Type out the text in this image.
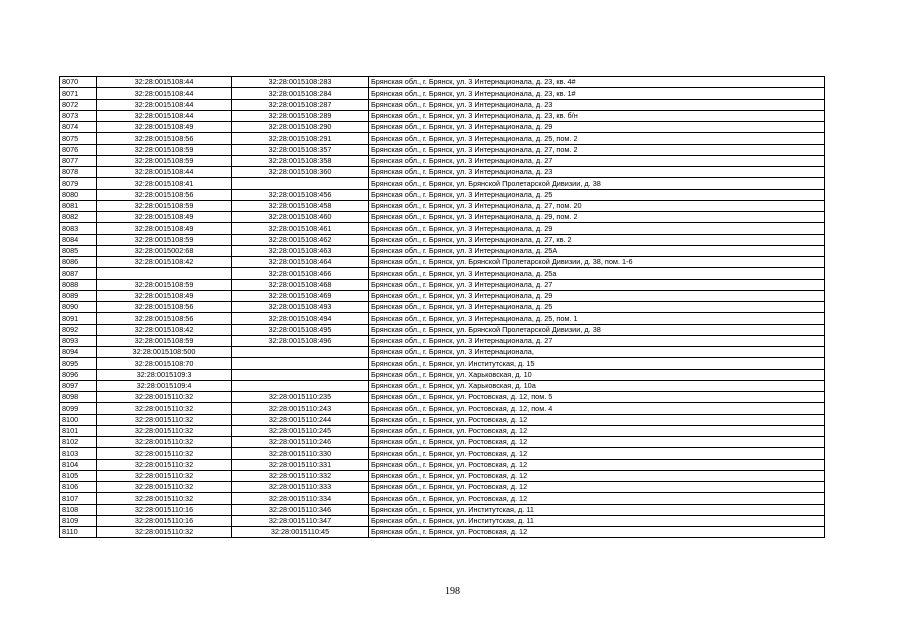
8070	32:28:0015108:44	32:28:0015108:283	Брянская обл., г. Брянск, ул. 3 Интернационала, д. 23, кв. 4#
8071	32:28:0015108:44	32:28:0015108:284	Брянская обл., г. Брянск, ул. 3 Интернационала, д. 23, кв. 1#
8072	32:28:0015108:44	32:28:0015108:287	Брянская обл., г. Брянск, ул. 3 Интернационала, д. 23
8073	32:28:0015108:44	32:28:0015108:289	Брянская обл., г. Брянск, ул. 3 Интернационала, д. 23, кв. б/н
8074	32:28:0015108:49	32:28:0015108:290	Брянская обл., г. Брянск, ул. 3 Интернационала, д. 29
8075	32:28:0015108:56	32:28:0015108:291	Брянская обл., г. Брянск, ул. 3 Интернационала, д. 25, пом. 2
8076	32:28:0015108:59	32:28:0015108:357	Брянская обл., г. Брянск, ул. 3 Интернационала, д. 27, пом. 2
8077	32:28:0015108:59	32:28:0015108:358	Брянская обл., г. Брянск, ул. 3 Интернационала, д. 27
8078	32:28:0015108:44	32:28:0015108:360	Брянская обл., г. Брянск, ул. 3 Интернационала, д. 23
8079	32:28:0015108:41		Брянская обл., г. Брянск, ул. Брянской Пролетарской Дивизии, д. 38
8080	32:28:0015108:56	32:28:0015108:456	Брянская обл., г. Брянск, ул. 3 Интернационала, д. 25
8081	32:28:0015108:59	32:28:0015108:458	Брянская обл., г. Брянск, ул. 3 Интернационала, д. 27, пом. 20
8082	32:28:0015108:49	32:28:0015108:460	Брянская обл., г. Брянск, ул. 3 Интернационала, д. 29, пом. 2
8083	32:28:0015108:49	32:28:0015108:461	Брянская обл., г. Брянск, ул. 3 Интернационала, д. 29
8084	32:28:0015108:59	32:28:0015108:462	Брянская обл., г. Брянск, ул. 3 Интернационала, д. 27, кв. 2
8085	32:28:0015002:68	32:28:0015108:463	Брянская обл., г. Брянск, ул. 3 Интернационала, д. 25А
8086	32:28:0015108:42	32:28:0015108:464	Брянская обл., г. Брянск, ул. Брянской Пролетарской Дивизии, д. 38, пом. 1-6
8087		32:28:0015108:466	Брянская обл., г. Брянск, ул. 3 Интернационала, д. 25а
8088	32:28:0015108:59	32:28:0015108:468	Брянская обл., г. Брянск, ул. 3 Интернационала, д. 27
8089	32:28:0015108:49	32:28:0015108:469	Брянская обл., г. Брянск, ул. 3 Интернационала, д. 29
8090	32:28:0015108:56	32:28:0015108:493	Брянская обл., г. Брянск, ул. 3 Интернационала, д. 25
8091	32:28:0015108:56	32:28:0015108:494	Брянская обл., г. Брянск, ул. 3 Интернационала, д. 25, пом. 1
8092	32:28:0015108:42	32:28:0015108:495	Брянская обл., г. Брянск, ул. Брянской Пролетарской Дивизии, д. 38
8093	32:28:0015108:59	32:28:0015108:496	Брянская обл., г. Брянск, ул. 3 Интернационала, д. 27
8094	32:28:0015108:500		Брянская обл., г. Брянск, ул. 3 Интернационала,
8095	32:28:0015108:70		Брянская обл., г. Брянск, ул. Институтская, д. 15
8096	32:28:0015109:3		Брянская обл., г. Брянск, ул. Харьковская, д. 10
8097	32:28:0015109:4		Брянская обл., г. Брянск, ул. Харьковская, д. 10а
8098	32:28:0015110:32	32:28:0015110:235	Брянская обл., г. Брянск, ул. Ростовская, д. 12, пом. 5
8099	32:28:0015110:32	32:28:0015110:243	Брянская обл., г. Брянск, ул. Ростовская, д. 12, пом. 4
8100	32:28:0015110:32	32:28:0015110:244	Брянская обл., г. Брянск, ул. Ростовская, д. 12
8101	32:28:0015110:32	32:28:0015110:245	Брянская обл., г. Брянск, ул. Ростовская, д. 12
8102	32:28:0015110:32	32:28:0015110:246	Брянская обл., г. Брянск, ул. Ростовская, д. 12
8103	32:28:0015110:32	32:28:0015110:330	Брянская обл., г. Брянск, ул. Ростовская, д. 12
8104	32:28:0015110:32	32:28:0015110:331	Брянская обл., г. Брянск, ул. Ростовская, д. 12
8105	32:28:0015110:32	32:28:0015110:332	Брянская обл., г. Брянск, ул. Ростовская, д. 12
8106	32:28:0015110:32	32:28:0015110:333	Брянская обл., г. Брянск, ул. Ростовская, д. 12
8107	32:28:0015110:32	32:28:0015110:334	Брянская обл., г. Брянск, ул. Ростовская, д. 12
8108	32:28:0015110:16	32:28:0015110:346	Брянская обл., г. Брянск, ул. Институтская, д. 11
8109	32:28:0015110:16	32:28:0015110:347	Брянская обл., г. Брянск, ул. Институтская, д. 11
8110	32:28:0015110:32	32:28:0015110:45	Брянская обл., г. Брянск, ул. Ростовская, д. 12
198
